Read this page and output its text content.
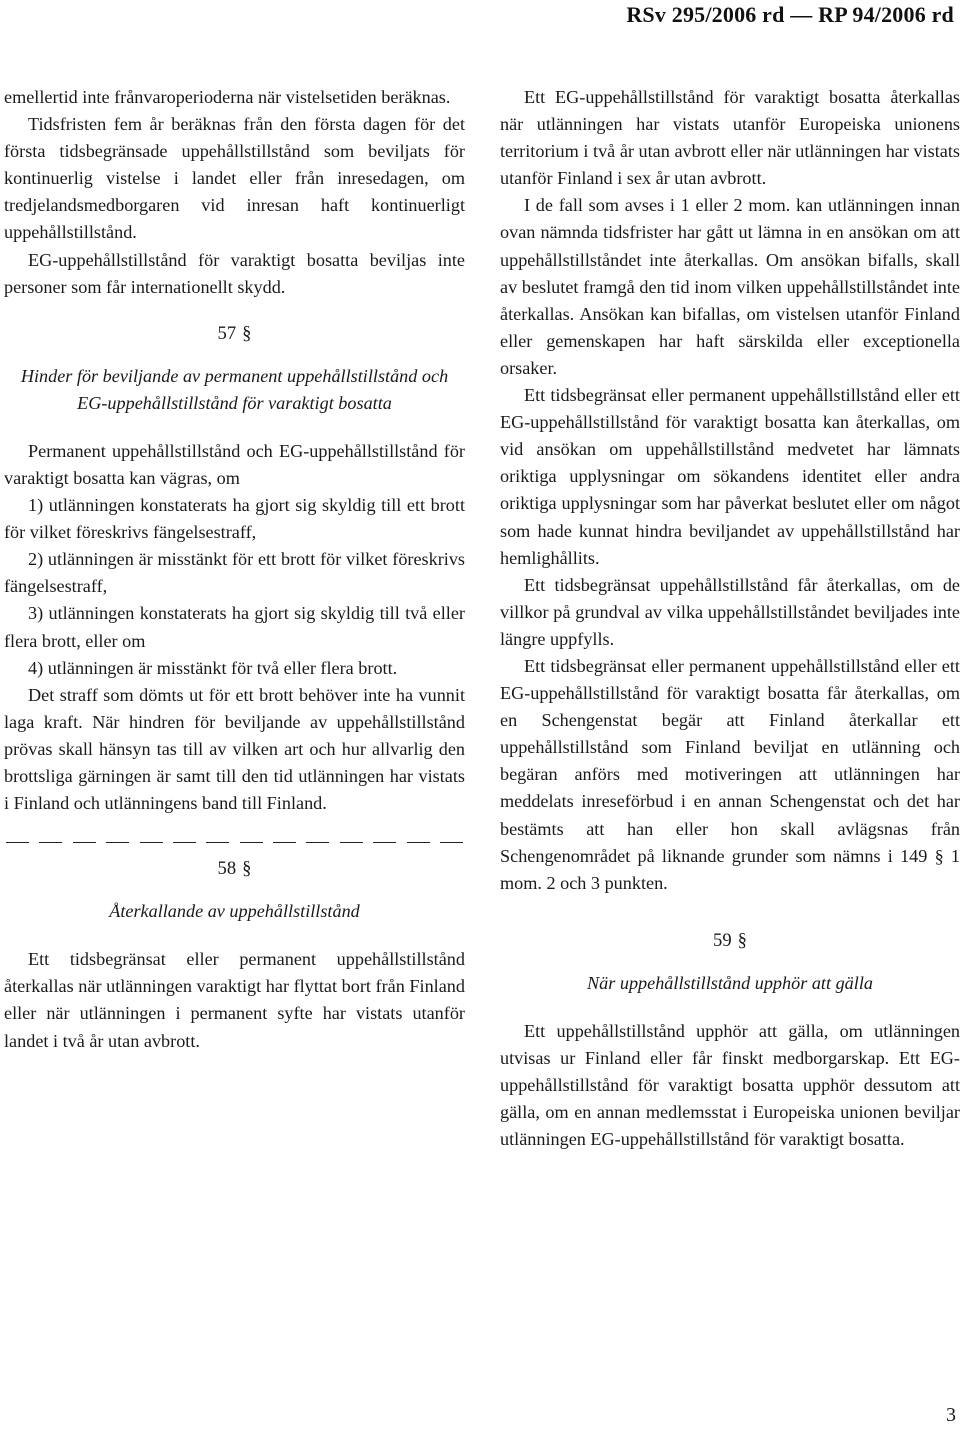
RSv 295/2006 rd — RP 94/2006 rd

emellertid inte frånvaroperioderna när vistelsetiden beräknas.

Tidsfristen fem år beräknas från den första dagen för det första tidsbegränsade uppehållstillstånd som beviljats för kontinuerlig vistelse i landet eller från inresedagen, om tredjelandsmedborgaren vid inresan haft kontinuerligt uppehållstillstånd.

EG-uppehållstillstånd för varaktigt bosatta beviljas inte personer som får internationellt skydd.

57 §
Hinder för beviljande av permanent uppehållstillstånd och EG-uppehållstillstånd för varaktigt bosatta

Permanent uppehållstillstånd och EG-uppehållstillstånd för varaktigt bosatta kan vägras, om

1) utlänningen konstaterats ha gjort sig skyldig till ett brott för vilket föreskrivs fängelsestraff,

2) utlänningen är misstänkt för ett brott för vilket föreskrivs fängelsestraff,

3) utlänningen konstaterats ha gjort sig skyldig till två eller flera brott, eller om

4) utlänningen är misstänkt för två eller flera brott.

Det straff som dömts ut för ett brott behöver inte ha vunnit laga kraft. När hindren för beviljande av uppehållstillstånd prövas skall hänsyn tas till av vilken art och hur allvarlig den brottsliga gärningen är samt till den tid utlänningen har vistats i Finland och utlänningens band till Finland.

58 §
Återkallande av uppehållstillstånd

Ett tidsbegränsat eller permanent uppehållstillstånd återkallas när utlänningen varaktigt har flyttat bort från Finland eller när utlänningen i permanent syfte har vistats utanför landet i två år utan avbrott.

Ett EG-uppehållstillstånd för varaktigt bosatta återkallas när utlänningen har vistats utanför Europeiska unionens territorium i två år utan avbrott eller när utlänningen har vistats utanför Finland i sex år utan avbrott.

I de fall som avses i 1 eller 2 mom. kan utlänningen innan ovan nämnda tidsfrister har gått ut lämna in en ansökan om att uppehållstillståndet inte återkallas. Om ansökan bifalls, skall av beslutet framgå den tid inom vilken uppehållstillståndet inte återkallas. Ansökan kan bifallas, om vistelsen utanför Finland eller gemenskapen har haft särskilda eller exceptionella orsaker.

Ett tidsbegränsat eller permanent uppehållstillstånd eller ett EG-uppehållstillstånd för varaktigt bosatta kan återkallas, om vid ansökan om uppehållstillstånd medvetet har lämnats oriktiga upplysningar om sökandens identitet eller andra oriktiga upplysningar som har påverkat beslutet eller om något som hade kunnat hindra beviljandet av uppehållstillstånd har hemlighållits.

Ett tidsbegränsat uppehållstillstånd får återkallas, om de villkor på grundval av vilka uppehållstillståndet beviljades inte längre uppfylls.

Ett tidsbegränsat eller permanent uppehållstillstånd eller ett EG-uppehållstillstånd för varaktigt bosatta får återkallas, om en Schengenstat begär att Finland återkallar ett uppehållstillstånd som Finland beviljat en utlänning och begäran anförs med motiveringen att utlänningen har meddelats inreseförbud i en annan Schengenstat och det har bestämts att han eller hon skall avlägsnas från Schengenområdet på liknande grunder som nämns i 149 § 1 mom. 2 och 3 punkten.

59 §
När uppehållstillstånd upphör att gälla

Ett uppehållstillstånd upphör att gälla, om utlänningen utvisas ur Finland eller får finskt medborgarskap. Ett EG-uppehållstillstånd för varaktigt bosatta upphör dessutom att gälla, om en annan medlemsstat i Europeiska unionen beviljar utlänningen EG-uppehållstillstånd för varaktigt bosatta.

3
